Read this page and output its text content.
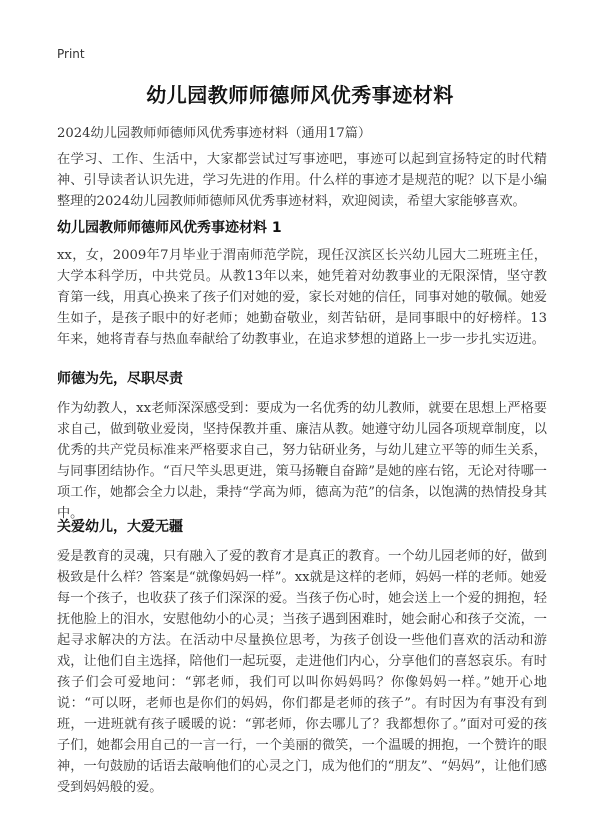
Print
幼儿园教师师德师风优秀事迹材料
2024幼儿园教师师德师风优秀事迹材料（通用17篇）

在学习、工作、生活中，大家都尝试过写事迹吧，事迹可以起到宣扬特定的时代精神、引导读者认识先进，学习先进的作用。什么样的事迹才是规范的呢？以下是小编整理的2024幼儿园教师师德师风优秀事迹材料，欢迎阅读，希望大家能够喜欢。

幼儿园教师师德师风优秀事迹材料 1

xx，女，2009年7月毕业于渭南师范学院，现任汉滨区长兴幼儿园大二班班主任，大学本科学历，中共党员。从教13年以来，她凭着对幼教事业的无限深情，坚守教育第一线，用真心换来了孩子们对她的爱，家长对她的信任，同事对她的敬佩。她爱生如子，是孩子眼中的好老师；她勤奋敬业，刻苦钻研，是同事眼中的好榜样。13年来，她将青春与热血奉献给了幼教事业，在追求梦想的道路上一步一步扎实迈进。

师德为先，尽职尽责

作为幼教人，xx老师深深感受到：要成为一名优秀的幼儿教师，就要在思想上严格要求自己，做到敬业爱岗，坚持保教并重、廉洁从教。她遵守幼儿园各项规章制度，以优秀的共产党员标准来严格要求自己，努力钻研业务，与幼儿建立平等的师生关系，与同事团结协作。“百尺竿头思更进，策马扬鞭自奋蹄”是她的座右铭，无论对待哪一项工作，她都会全力以赴，秉持“学高为师，德高为范”的信条，以饱满的热情投身其中。

关爱幼儿，大爱无疆

爱是教育的灵魂，只有融入了爱的教育才是真正的教育。一个幼儿园老师的好，做到极致是什么样？答案是“就像妈妈一样”。xx就是这样的老师，妈妈一样的老师。她爱每一个孩子，也收获了孩子们深深的爱。当孩子伤心时，她会送上一个爱的拥抱，轻抚他脸上的泪水，安慰他幼小的心灵；当孩子遇到困难时，她会耐心和孩子交流，一起寻求解决的方法。在活动中尽量换位思考，为孩子创设一些他们喜欢的活动和游戏，让他们自主选择，陪他们一起玩耍，走进他们内心，分享他们的喜怒哀乐。有时孩子们会可爱地问：“郭老师，我们可以叫你妈妈吗？你像妈妈一样。”她开心地说：“可以呀，老师也是你们的妈妈，你们都是老师的孩子”。有时因为有事没有到班，一进班就有孩子暖暖的说：“郭老师，你去哪儿了？我都想你了。”面对可爱的孩子们，她都会用自己的一言一行，一个美丽的微笑，一个温暖的拥抱，一个赞许的眼神，一句鼓励的话语去敲响他们的心灵之门，成为他们的“朋友”、“妈妈”，让他们感受到妈妈般的爱。
